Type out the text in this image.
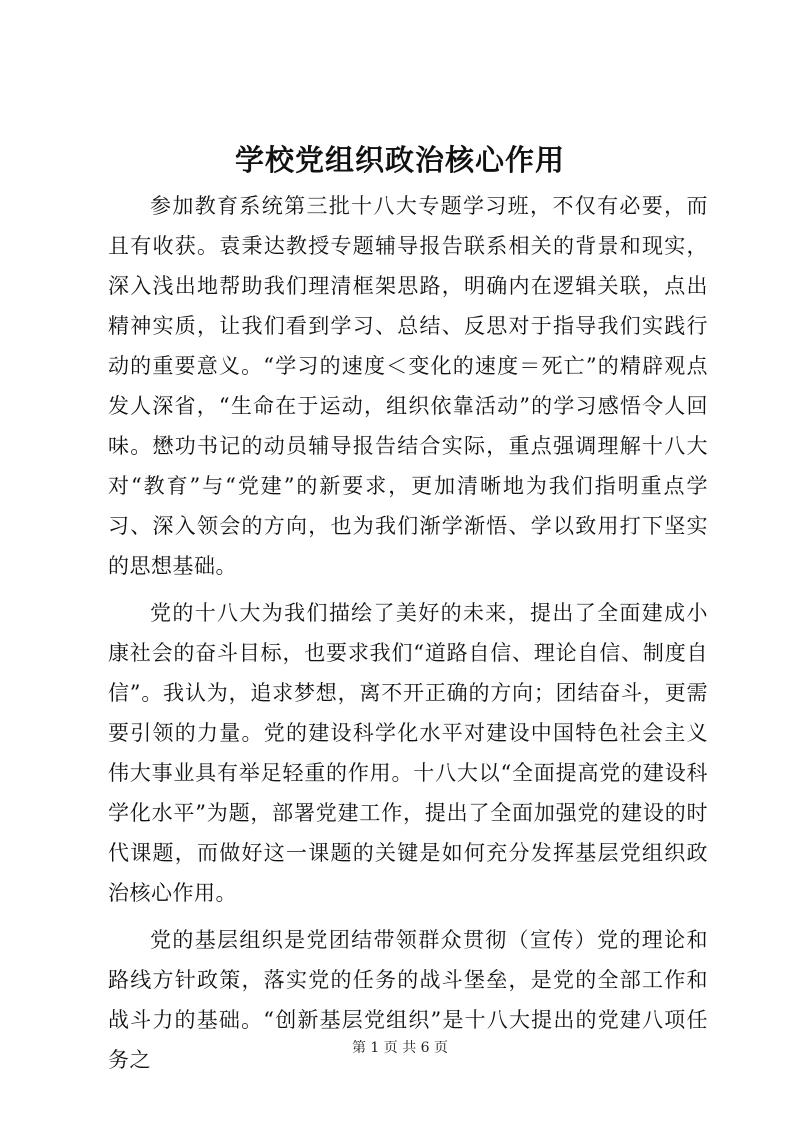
学校党组织政治核心作用

参加教育系统第三批十八大专题学习班，不仅有必要，而且有收获。袁秉达教授专题辅导报告联系相关的背景和现实，深入浅出地帮助我们理清框架思路，明确内在逻辑关联，点出精神实质，让我们看到学习、总结、反思对于指导我们实践行动的重要意义。“学习的速度＜变化的速度＝死亡”的精辟观点发人深省，“生命在于运动，组织依靠活动”的学习感悟令人回味。懋功书记的动员辅导报告结合实际，重点强调理解十八大对“教育”与“党建”的新要求，更加清晰地为我们指明重点学习、深入领会的方向，也为我们渐学渐悟、学以致用打下坚实的思想基础。

党的十八大为我们描绘了美好的未来，提出了全面建成小康社会的奋斗目标，也要求我们“道路自信、理论自信、制度自信”。我认为，追求梦想，离不开正确的方向；团结奋斗，更需要引领的力量。党的建设科学化水平对建设中国特色社会主义伟大事业具有举足轻重的作用。十八大以“全面提高党的建设科学化水平”为题，部署党建工作，提出了全面加强党的建设的时代课题，而做好这一课题的关键是如何充分发挥基层党组织政治核心作用。

党的基层组织是党团结带领群众贯彻（宣传）党的理论和路线方针政策，落实党的任务的战斗堡垒，是党的全部工作和战斗力的基础。“创新基层党组织”是十八大提出的党建八项任务之	第 1 页 共 6 页
